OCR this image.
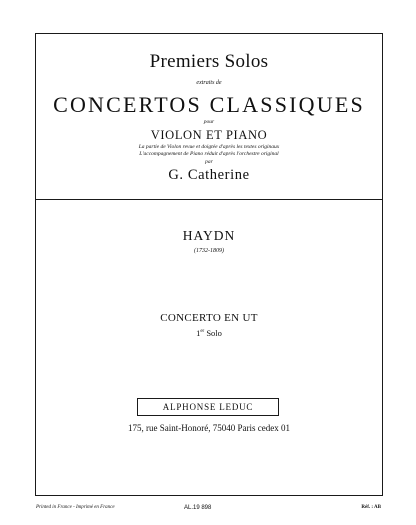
Premiers Solos
extraits de
CONCERTOS CLASSIQUES
pour
VIOLON ET PIANO
La partie de Violon revue et doigtée d'après les textes originaux
L'accompagnement de Piano réduit d'après l'orchestre original
par
G. Catherine
HAYDN
(1732-1809)
CONCERTO EN UT
1er Solo
ALPHONSE LEDUC
175, rue Saint-Honoré, 75040 Paris cedex 01
Printed in France - Imprimé en France	AL.19 898	Réf. : AB
